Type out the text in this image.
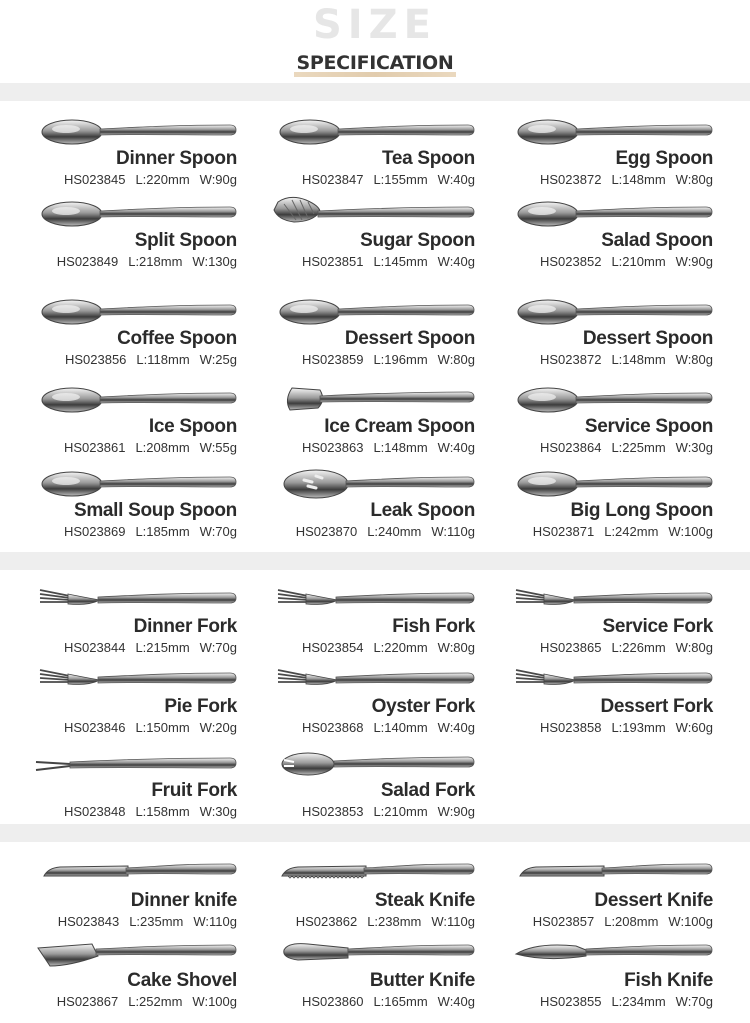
SIZE
SPECIFICATION
Dinner Spoon
HS023845 L:220mm W:90g
Tea Spoon
HS023847 L:155mm W:40g
Egg Spoon
HS023872 L:148mm W:80g
Split Spoon
HS023849 L:218mm W:130g
Sugar Spoon
HS023851 L:145mm W:40g
Salad Spoon
HS023852 L:210mm W:90g
Coffee Spoon
HS023856 L:118mm W:25g
Dessert Spoon
HS023859 L:196mm W:80g
Dessert Spoon
HS023872 L:148mm W:80g
Ice Spoon
HS023861 L:208mm W:55g
Ice Cream Spoon
HS023863 L:148mm W:40g
Service Spoon
HS023864 L:225mm W:30g
Small Soup Spoon
HS023869 L:185mm W:70g
Leak Spoon
HS023870 L:240mm W:110g
Big Long Spoon
HS023871 L:242mm W:100g
Dinner Fork
HS023844 L:215mm W:70g
Fish Fork
HS023854 L:220mm W:80g
Service Fork
HS023865 L:226mm W:80g
Pie Fork
HS023846 L:150mm W:20g
Oyster Fork
HS023868 L:140mm W:40g
Dessert Fork
HS023858 L:193mm W:60g
Fruit Fork
HS023848 L:158mm W:30g
Salad Fork
HS023853 L:210mm W:90g
Dinner knife
HS023843 L:235mm W:110g
Steak Knife
HS023862 L:238mm W:110g
Dessert Knife
HS023857 L:208mm W:100g
Cake Shovel
HS023867 L:252mm W:100g
Butter Knife
HS023860 L:165mm W:40g
Fish Knife
HS023855 L:234mm W:70g
